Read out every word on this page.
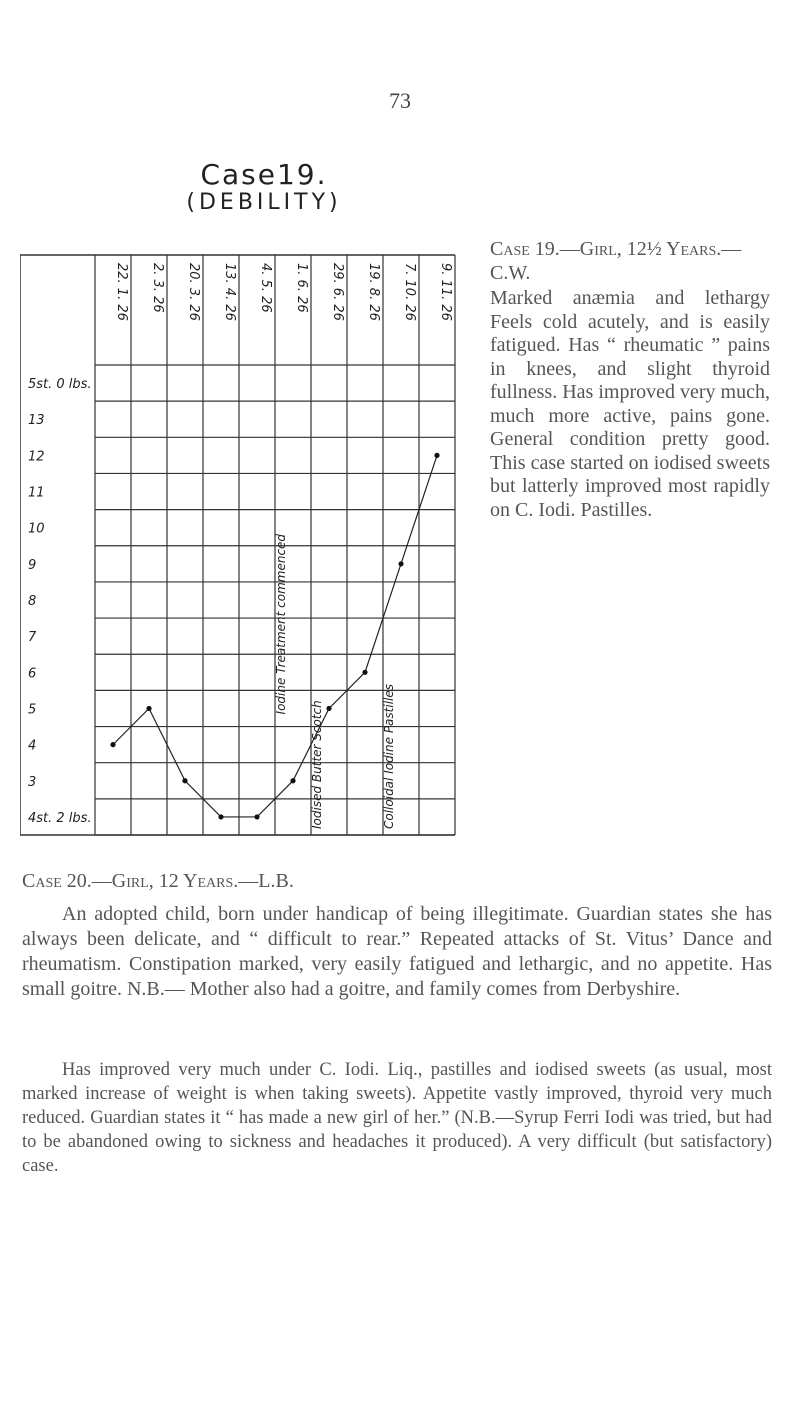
73
Case19.
(DEBILITY)
22. 1. 26 2. 3. 26 20. 3. 26 13. 4. 26 4. 5. 26 1. 6. 26 29. 6. 26 19. 8. 26 7. 10. 26 9. 11. 26
5st. 0 lbs.
13
12
11
10
9
8
7
6
5
4
3
4st. 2 lbs.
Iodine Treatment commenced
Iodised Butter Scotch	Colloidal Iodine Pastilles
Case 19.—Girl, 12½ Years.— C.W.
Marked anæmia and lethargy Feels cold acutely, and is easily fatigued. Has “ rheumatic ” pains in knees, and slight thyroid fullness. Has improved very much, much more active, pains gone. General condition pretty good. This case started on iodised sweets but latterly improved most rapidly on C. Iodi. Pastilles.
Case 20.—Girl, 12 Years.—L.B.
An adopted child, born under handicap of being illegitimate. Guardian states she has always been delicate, and “ difficult to rear.” Repeated attacks of St. Vitus’ Dance and rheumatism. Constipation marked, very easily fatigued and lethargic, and no appetite. Has small goitre. N.B.— Mother also had a goitre, and family comes from Derbyshire.
Has improved very much under C. Iodi. Liq., pastilles and iodised sweets (as usual, most marked increase of weight is when taking sweets). Appetite vastly improved, thyroid very much reduced. Guardian states it “ has made a new girl of her.” (N.B.—Syrup Ferri Iodi was tried, but had to be abandoned owing to sickness and headaches it produced). A very difficult (but satisfactory) case.
